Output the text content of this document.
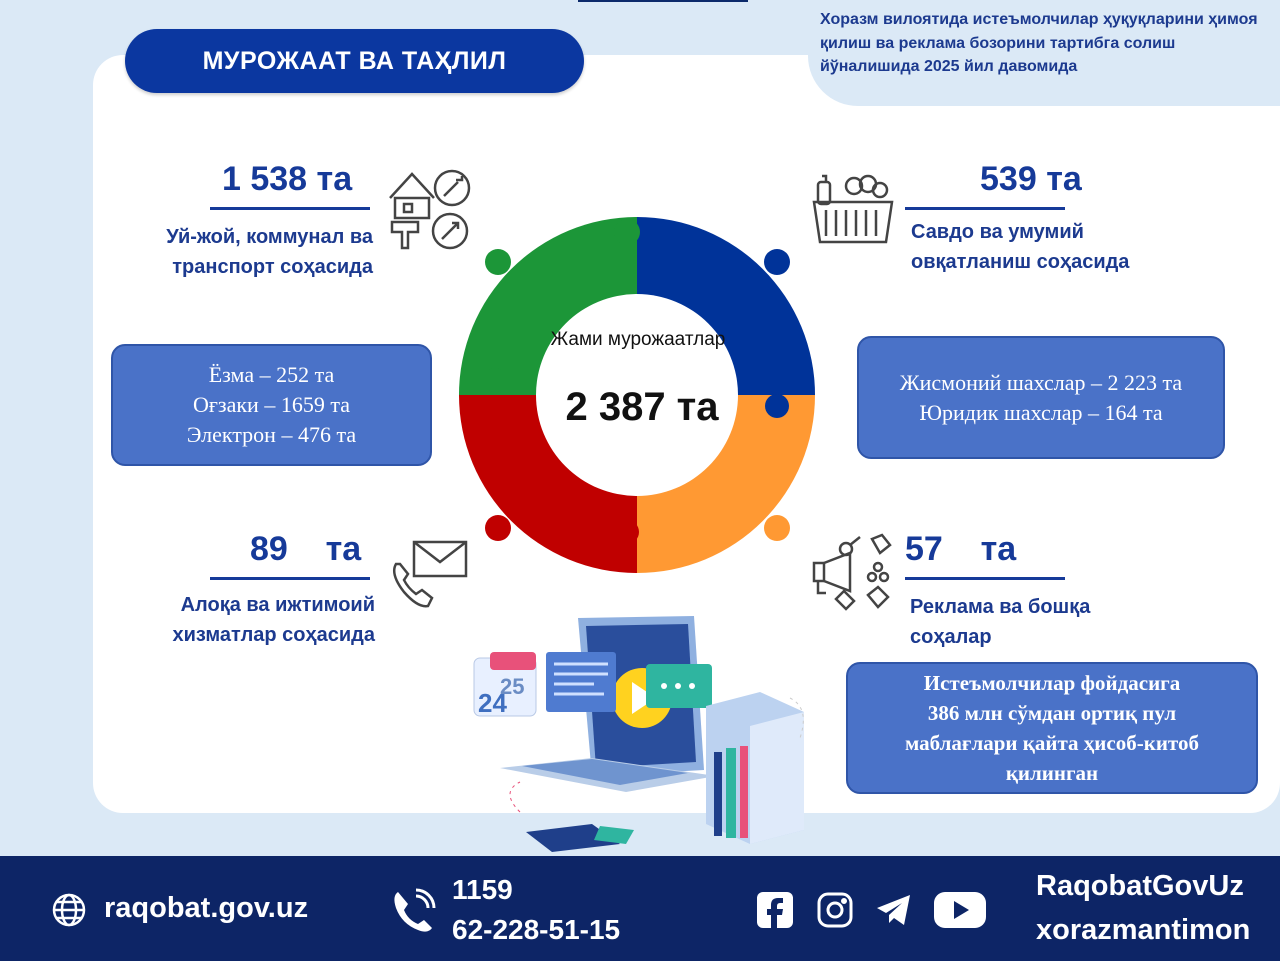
Хоразм вилоятида истеъмолчилар ҳуқуқларини ҳимоя қилиш ва реклама бозорини тартибга солиш йўналишида 2025 йил давомида
МУРОЖААТ ВА ТАҲЛИЛ
Жами мурожаатлар
2 387 та
1 538 та
Уй-жой, коммунал ва
транспорт соҳасида
539 та
Савдо ва умумий
овқатланиш соҳасида
89 та
Алоқа ва ижтимоий
хизматлар соҳасида
57 та
Реклама ва бошқа
соҳалар
Ёзма – 252 та
Оғзаки – 1659 та
Электрон – 476 та
Жисмоний шахслар – 2 223 та
Юридик шахслар – 164 та
Истеъмолчилар фойдасига
386 млн сўмдан ортиқ пул
маблағлари қайта ҳисоб-китоб
қилинган
25
24
raqobat.gov.uz
1159
62-228-51-15
RaqobatGovUz
xorazmantimon
